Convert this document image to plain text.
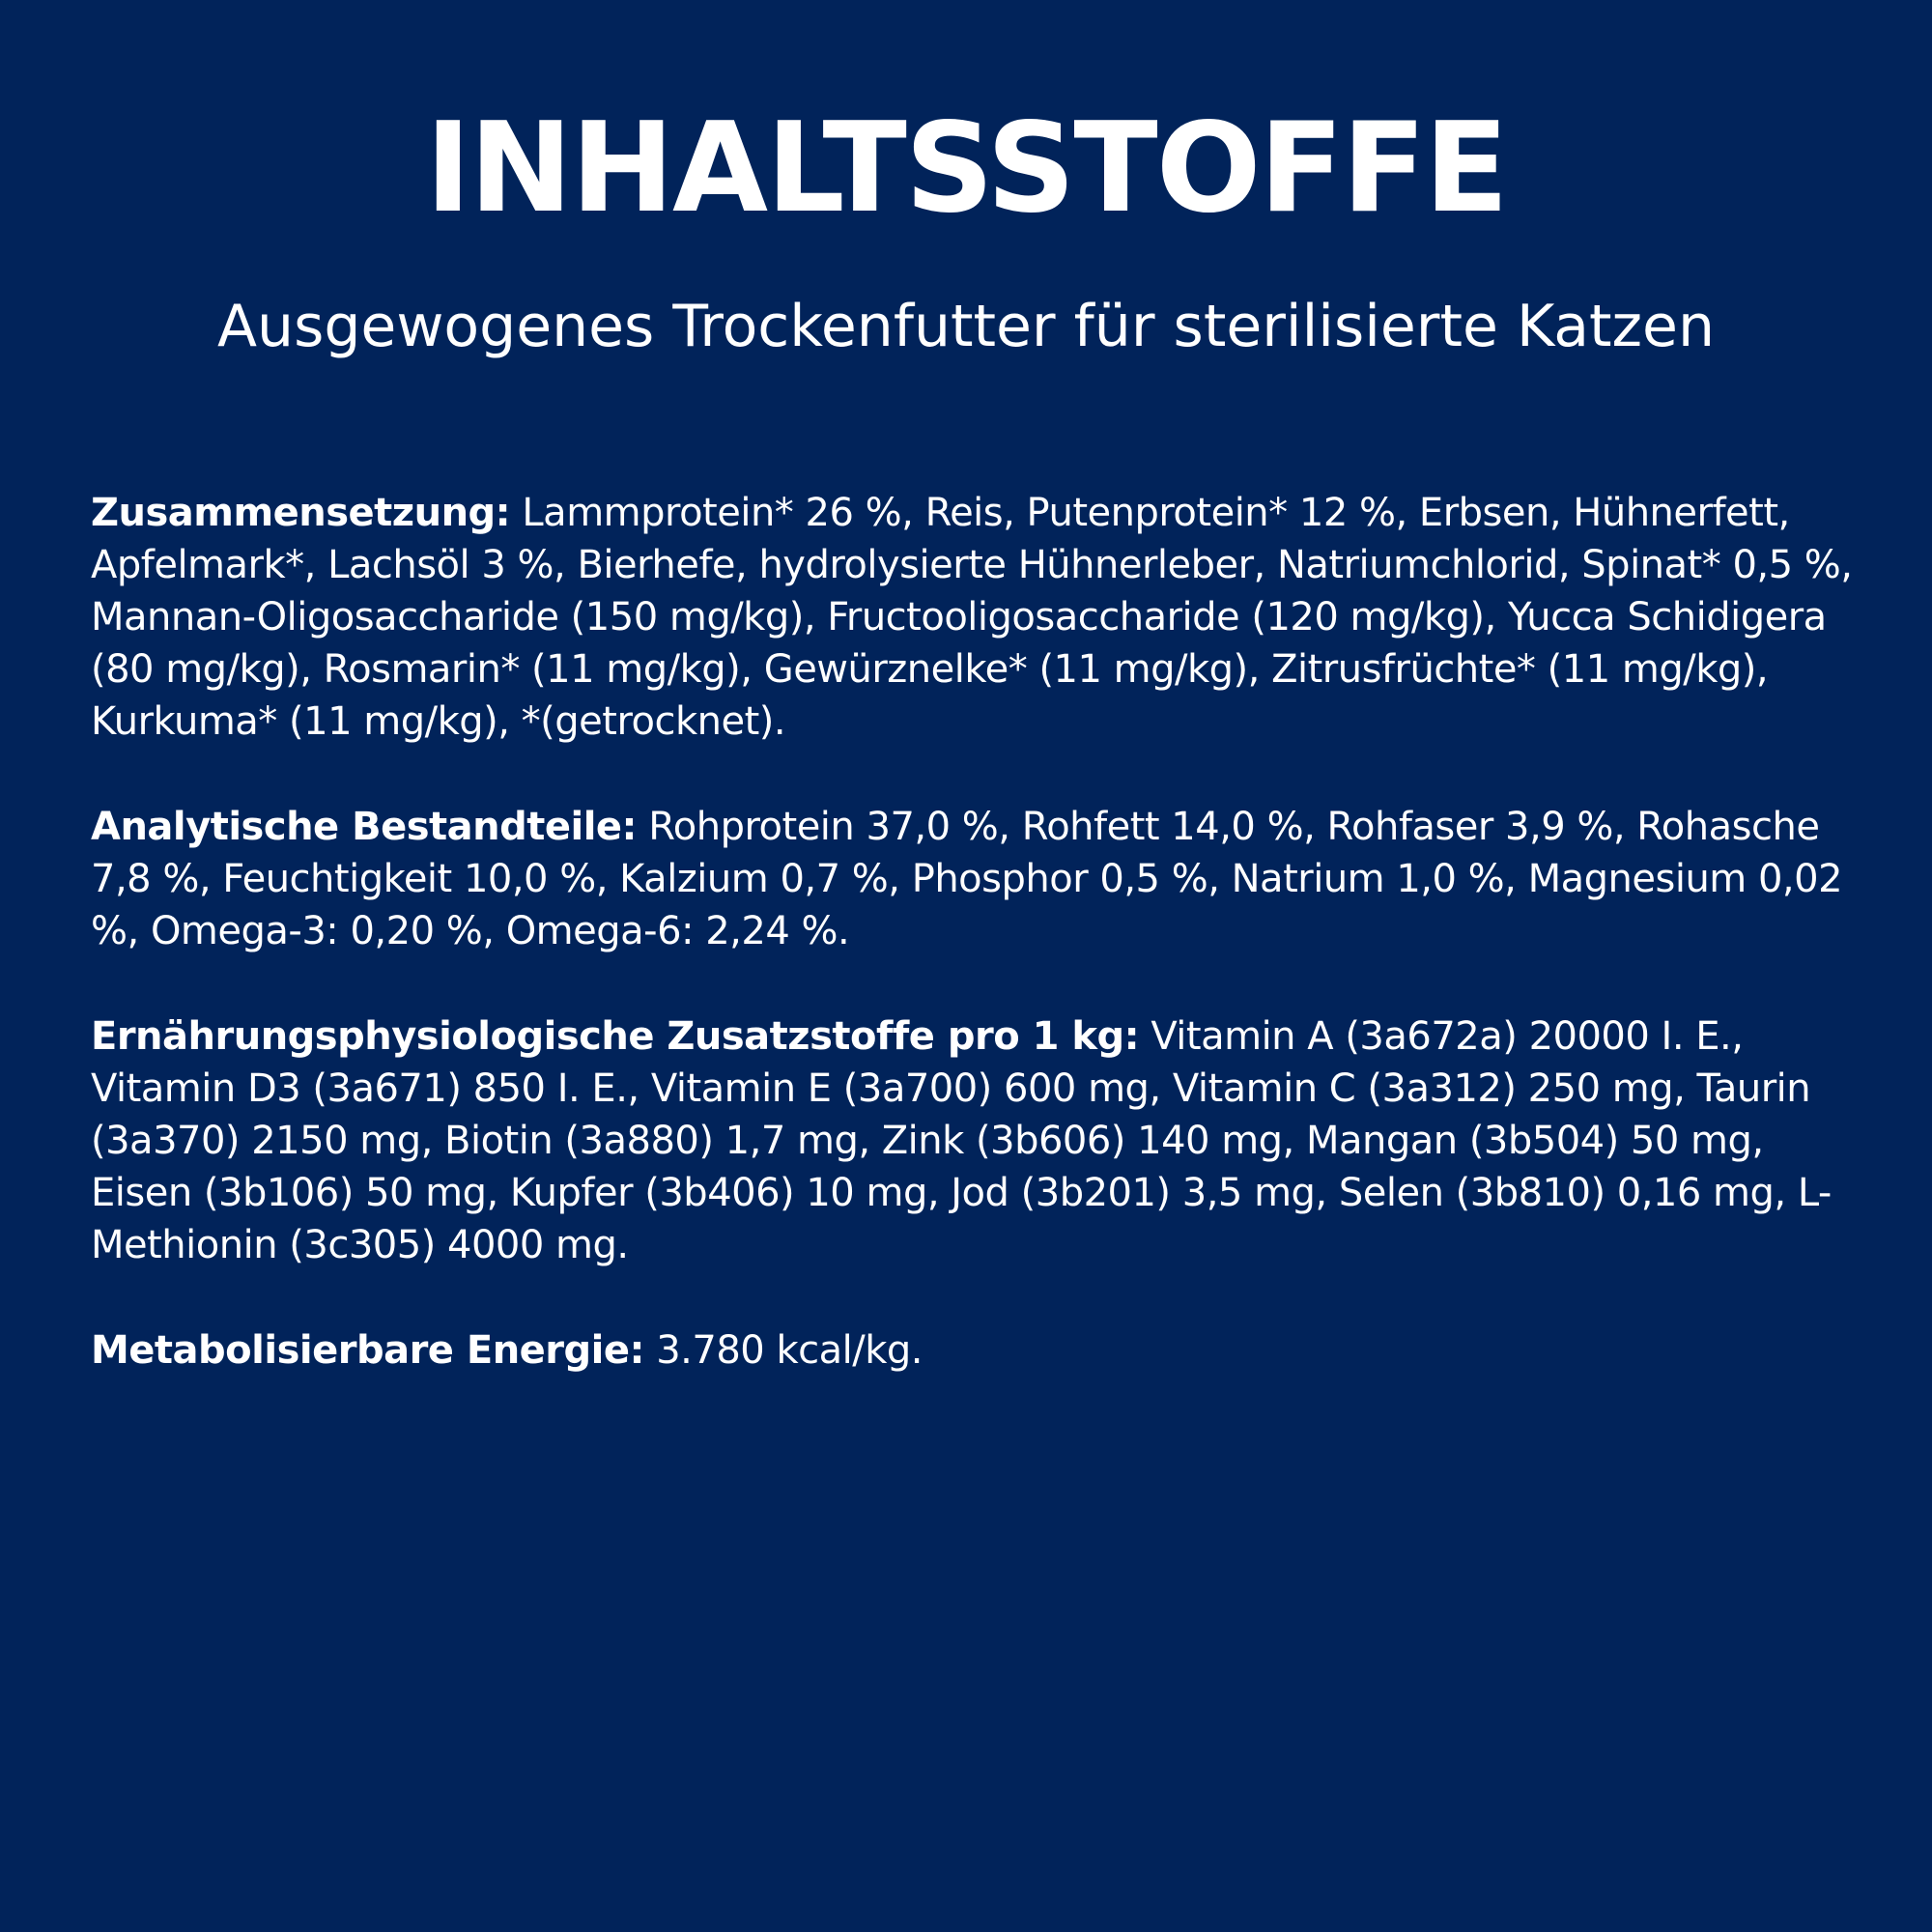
INHALTSSTOFFE
Ausgewogenes Trockenfutter für sterilisierte Katzen

Zusammensetzung: Lammprotein* 26 %, Reis, Putenprotein* 12 %, Erbsen, Hühnerfett, Apfelmark*, Lachsöl 3 %, Bierhefe, hydrolysierte Hühnerleber, Natriumchlorid, Spinat* 0,5 %, Mannan-Oligosaccharide (150 mg/kg), Fructooligosaccharide (120 mg/kg), Yucca Schidigera (80 mg/kg), Rosmarin* (11 mg/kg), Gewürznelke* (11 mg/kg), Zitrusfrüchte* (11 mg/kg), Kurkuma* (11 mg/kg), *(getrocknet).

Analytische Bestandteile: Rohprotein 37,0 %, Rohfett 14,0 %, Rohfaser 3,9 %, Rohasche 7,8 %, Feuchtigkeit 10,0 %, Kalzium 0,7 %, Phosphor 0,5 %, Natrium 1,0 %, Magnesium 0,02 %, Omega-3: 0,20 %, Omega-6: 2,24 %.

Ernährungsphysiologische Zusatzstoffe pro 1 kg: Vitamin A (3a672a) 20000 I. E., Vitamin D3 (3a671) 850 I. E., Vitamin E (3a700) 600 mg, Vitamin C (3a312) 250 mg, Taurin (3a370) 2150 mg, Biotin (3a880) 1,7 mg, Zink (3b606) 140 mg, Mangan (3b504) 50 mg, Eisen (3b106) 50 mg, Kupfer (3b406) 10 mg, Jod (3b201) 3,5 mg, Selen (3b810) 0,16 mg, L-Methionin (3c305) 4000 mg.

Metabolisierbare Energie: 3.780 kcal/kg.
